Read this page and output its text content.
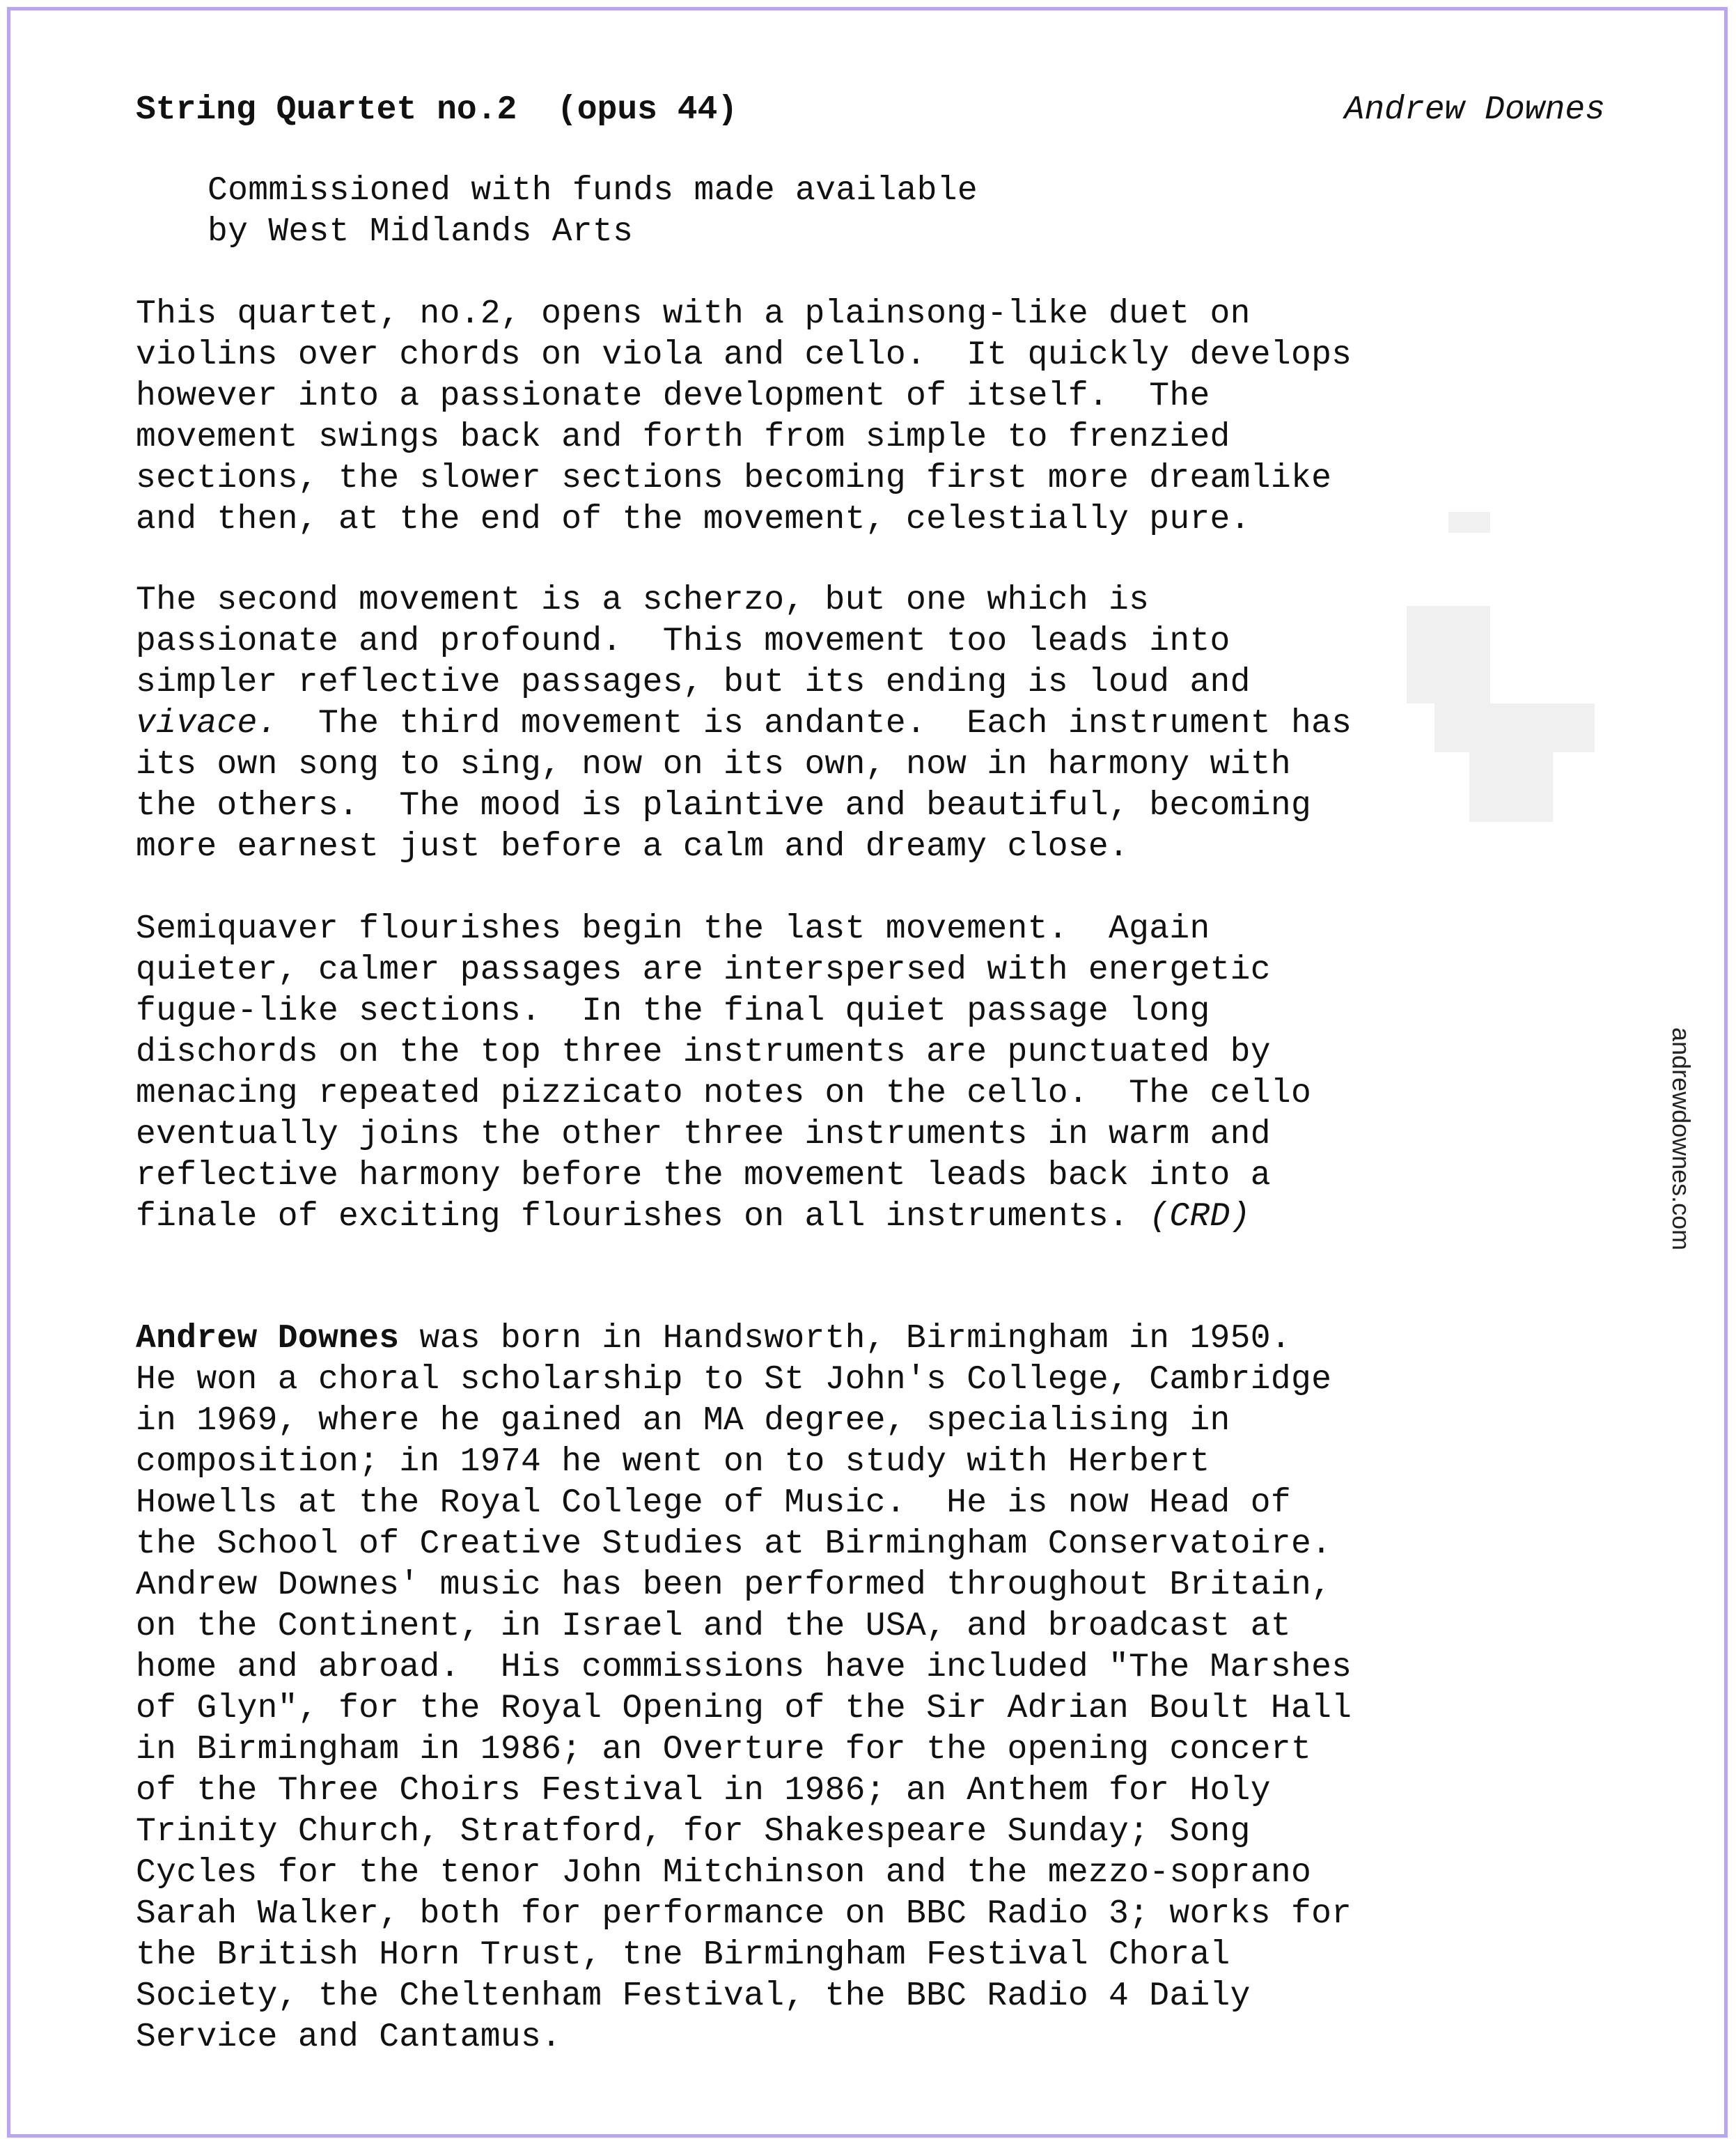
String Quartet no.2  (opus 44)	Andrew Downes
Commissioned with funds made available
by West Midlands Arts
This quartet, no.2, opens with a plainsong-like duet on
violins over chords on viola and cello.  It quickly develops
however into a passionate development of itself.  The
movement swings back and forth from simple to frenzied
sections, the slower sections becoming first more dreamlike
and then, at the end of the movement, celestially pure.
The second movement is a scherzo, but one which is
passionate and profound.  This movement too leads into
simpler reflective passages, but its ending is loud and
vivace.  The third movement is andante.  Each instrument has
its own song to sing, now on its own, now in harmony with
the others.  The mood is plaintive and beautiful, becoming
more earnest just before a calm and dreamy close.
Semiquaver flourishes begin the last movement.  Again
quieter, calmer passages are interspersed with energetic
fugue-like sections.  In the final quiet passage long
dischords on the top three instruments are punctuated by
menacing repeated pizzicato notes on the cello.  The cello
eventually joins the other three instruments in warm and
reflective harmony before the movement leads back into a
finale of exciting flourishes on all instruments. (CRD)
Andrew Downes was born in Handsworth, Birmingham in 1950.
He won a choral scholarship to St John's College, Cambridge
in 1969, where he gained an MA degree, specialising in
composition; in 1974 he went on to study with Herbert
Howells at the Royal College of Music.  He is now Head of
the School of Creative Studies at Birmingham Conservatoire.
Andrew Downes' music has been performed throughout Britain,
on the Continent, in Israel and the USA, and broadcast at
home and abroad.  His commissions have included "The Marshes
of Glyn", for the Royal Opening of the Sir Adrian Boult Hall
in Birmingham in 1986; an Overture for the opening concert
of the Three Choirs Festival in 1986; an Anthem for Holy
Trinity Church, Stratford, for Shakespeare Sunday; Song
Cycles for the tenor John Mitchinson and the mezzo-soprano
Sarah Walker, both for performance on BBC Radio 3; works for
the British Horn Trust, tne Birmingham Festival Choral
Society, the Cheltenham Festival, the BBC Radio 4 Daily
Service and Cantamus.
andrewdownes.com
